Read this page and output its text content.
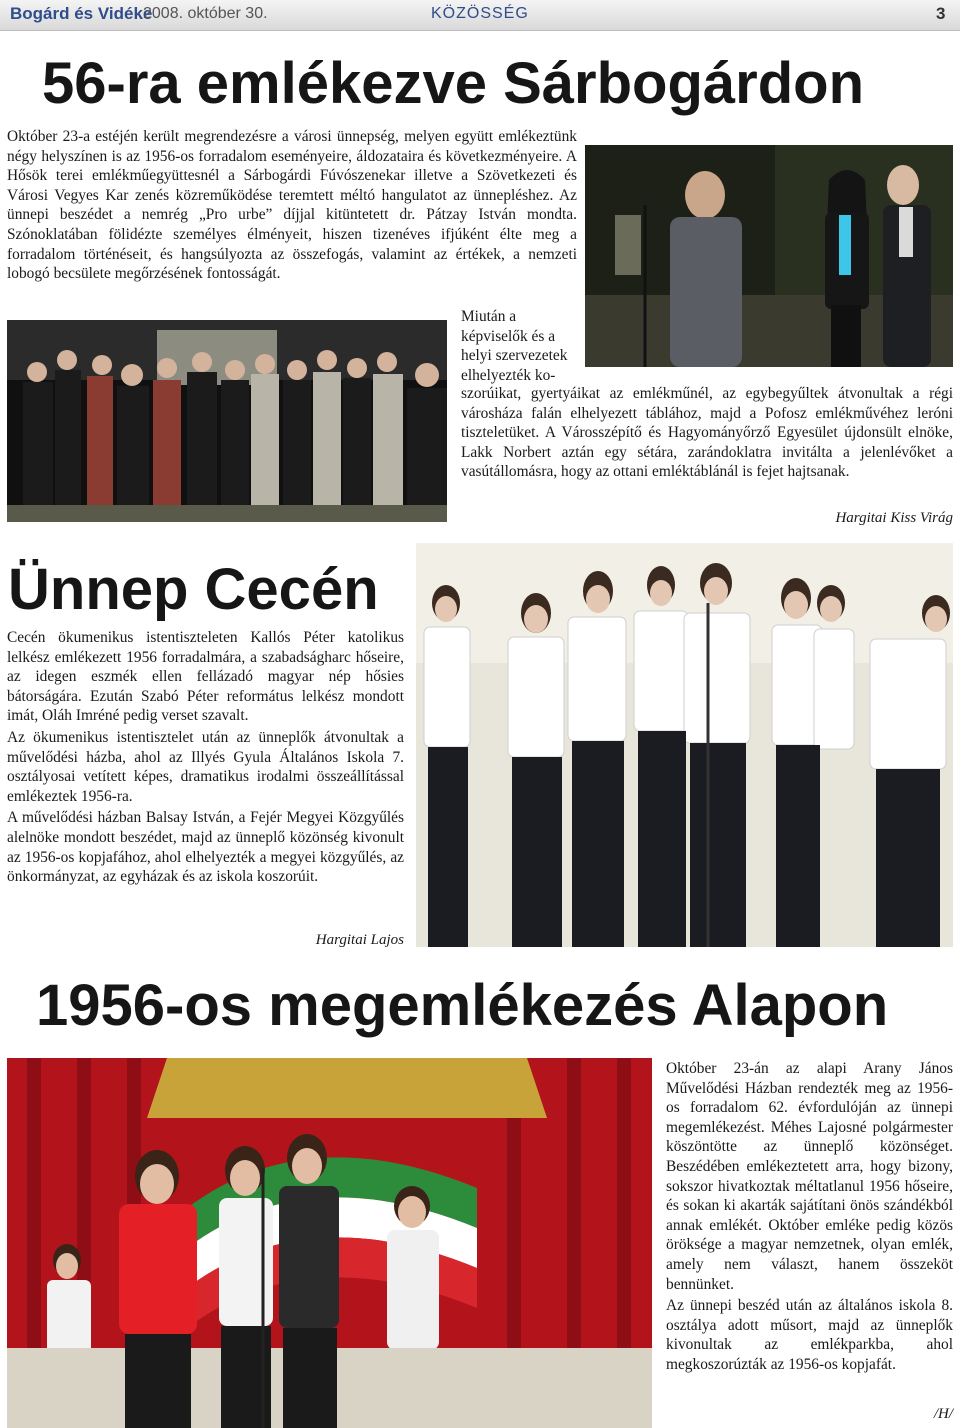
Bogárd és Vidéke
2008. október 30.	KÖZÖSSÉG	3
56-ra emlékezve Sárbogárdon

Október 23-a estéjén került megrendezésre a városi ünnepség, melyen együtt emlékeztünk négy helyszínen is az 1956-os forradalom eseményeire, áldozataira és következményeire. A Hősök terei emlékműegyüttesnél a Sárbogárdi Fúvószenekar illetve a Szövetkezeti és Városi Vegyes Kar zenés közreműködése teremtett méltó hangulatot az ünnepléshez. Az ünnepi beszédet a nemrég „Pro urbe” díjjal kitüntetett dr. Pátzay István mondta. Szónoklatában fölidézte személyes élményeit, hiszen tizenéves ifjúként élte meg a forradalom történéseit, és hangsúlyozta az összefogás, valamint az értékek, a nemzeti lobogó becsülete megőrzésének fontosságát.

Miután a képviselők és a helyi szervezetek elhelyezték ko-

szorúikat, gyertyáikat az emlékműnél, az egybegyűltek átvonultak a régi városháza falán elhelyezett táblához, majd a Pofosz emlékművéhez leróni tiszteletüket. A Városszépítő és Hagyományőrző Egyesület újdonsült elnöke, Lakk Norbert aztán egy sétára, zarándoklatra invitálta a jelenlévőket a vasútállomásra, hogy az ottani emléktáblánál is fejet hajtsanak.

Hargitai Kiss Virág
Ünnep Cecén

Cecén ökumenikus istentiszteleten Kallós Péter katolikus lelkész emlékezett 1956 forradalmára, a szabadságharc hőseire, az idegen eszmék ellen fellázadó magyar nép hősies bátorságára. Ezután Szabó Péter református lelkész mondott imát, Oláh Imréné pedig verset szavalt.

Az ökumenikus istentisztelet után az ünneplők átvonultak a művelődési házba, ahol az Illyés Gyula Általános Iskola 7. osztályosai vetített képes, dramatikus irodalmi összeállítással emlékeztek 1956-ra.

A művelődési házban Balsay István, a Fejér Megyei Közgyűlés alelnöke mondott beszédet, majd az ünneplő közönség kivonult az 1956-os kopjafához, ahol elhelyezték a megyei közgyűlés, az önkormányzat, az egyházak és az iskola koszorúit.

Hargitai Lajos
1956-os megemlékezés Alapon

Október 23-án az alapi Arany János Művelődési Házban rendezték meg az 1956-os forradalom 62. évfordulóján az ünnepi megemlékezést. Méhes Lajosné polgármester köszöntötte az ünneplő közönséget. Beszédében emlékeztetett arra, hogy bizony, sokszor hivatkoztak méltatlanul 1956 hőseire, és sokan ki akarták sajátítani önös szándékból annak emlékét. Október emléke pedig közös öröksége a magyar nemzetnek, olyan emlék, amely nem választ, hanem összeköt bennünket.

Az ünnepi beszéd után az általános iskola 8. osztálya adott műsort, majd az ünneplők kivonultak az emlékparkba, ahol megkoszorúzták az 1956-os kopjafát.

/H/
